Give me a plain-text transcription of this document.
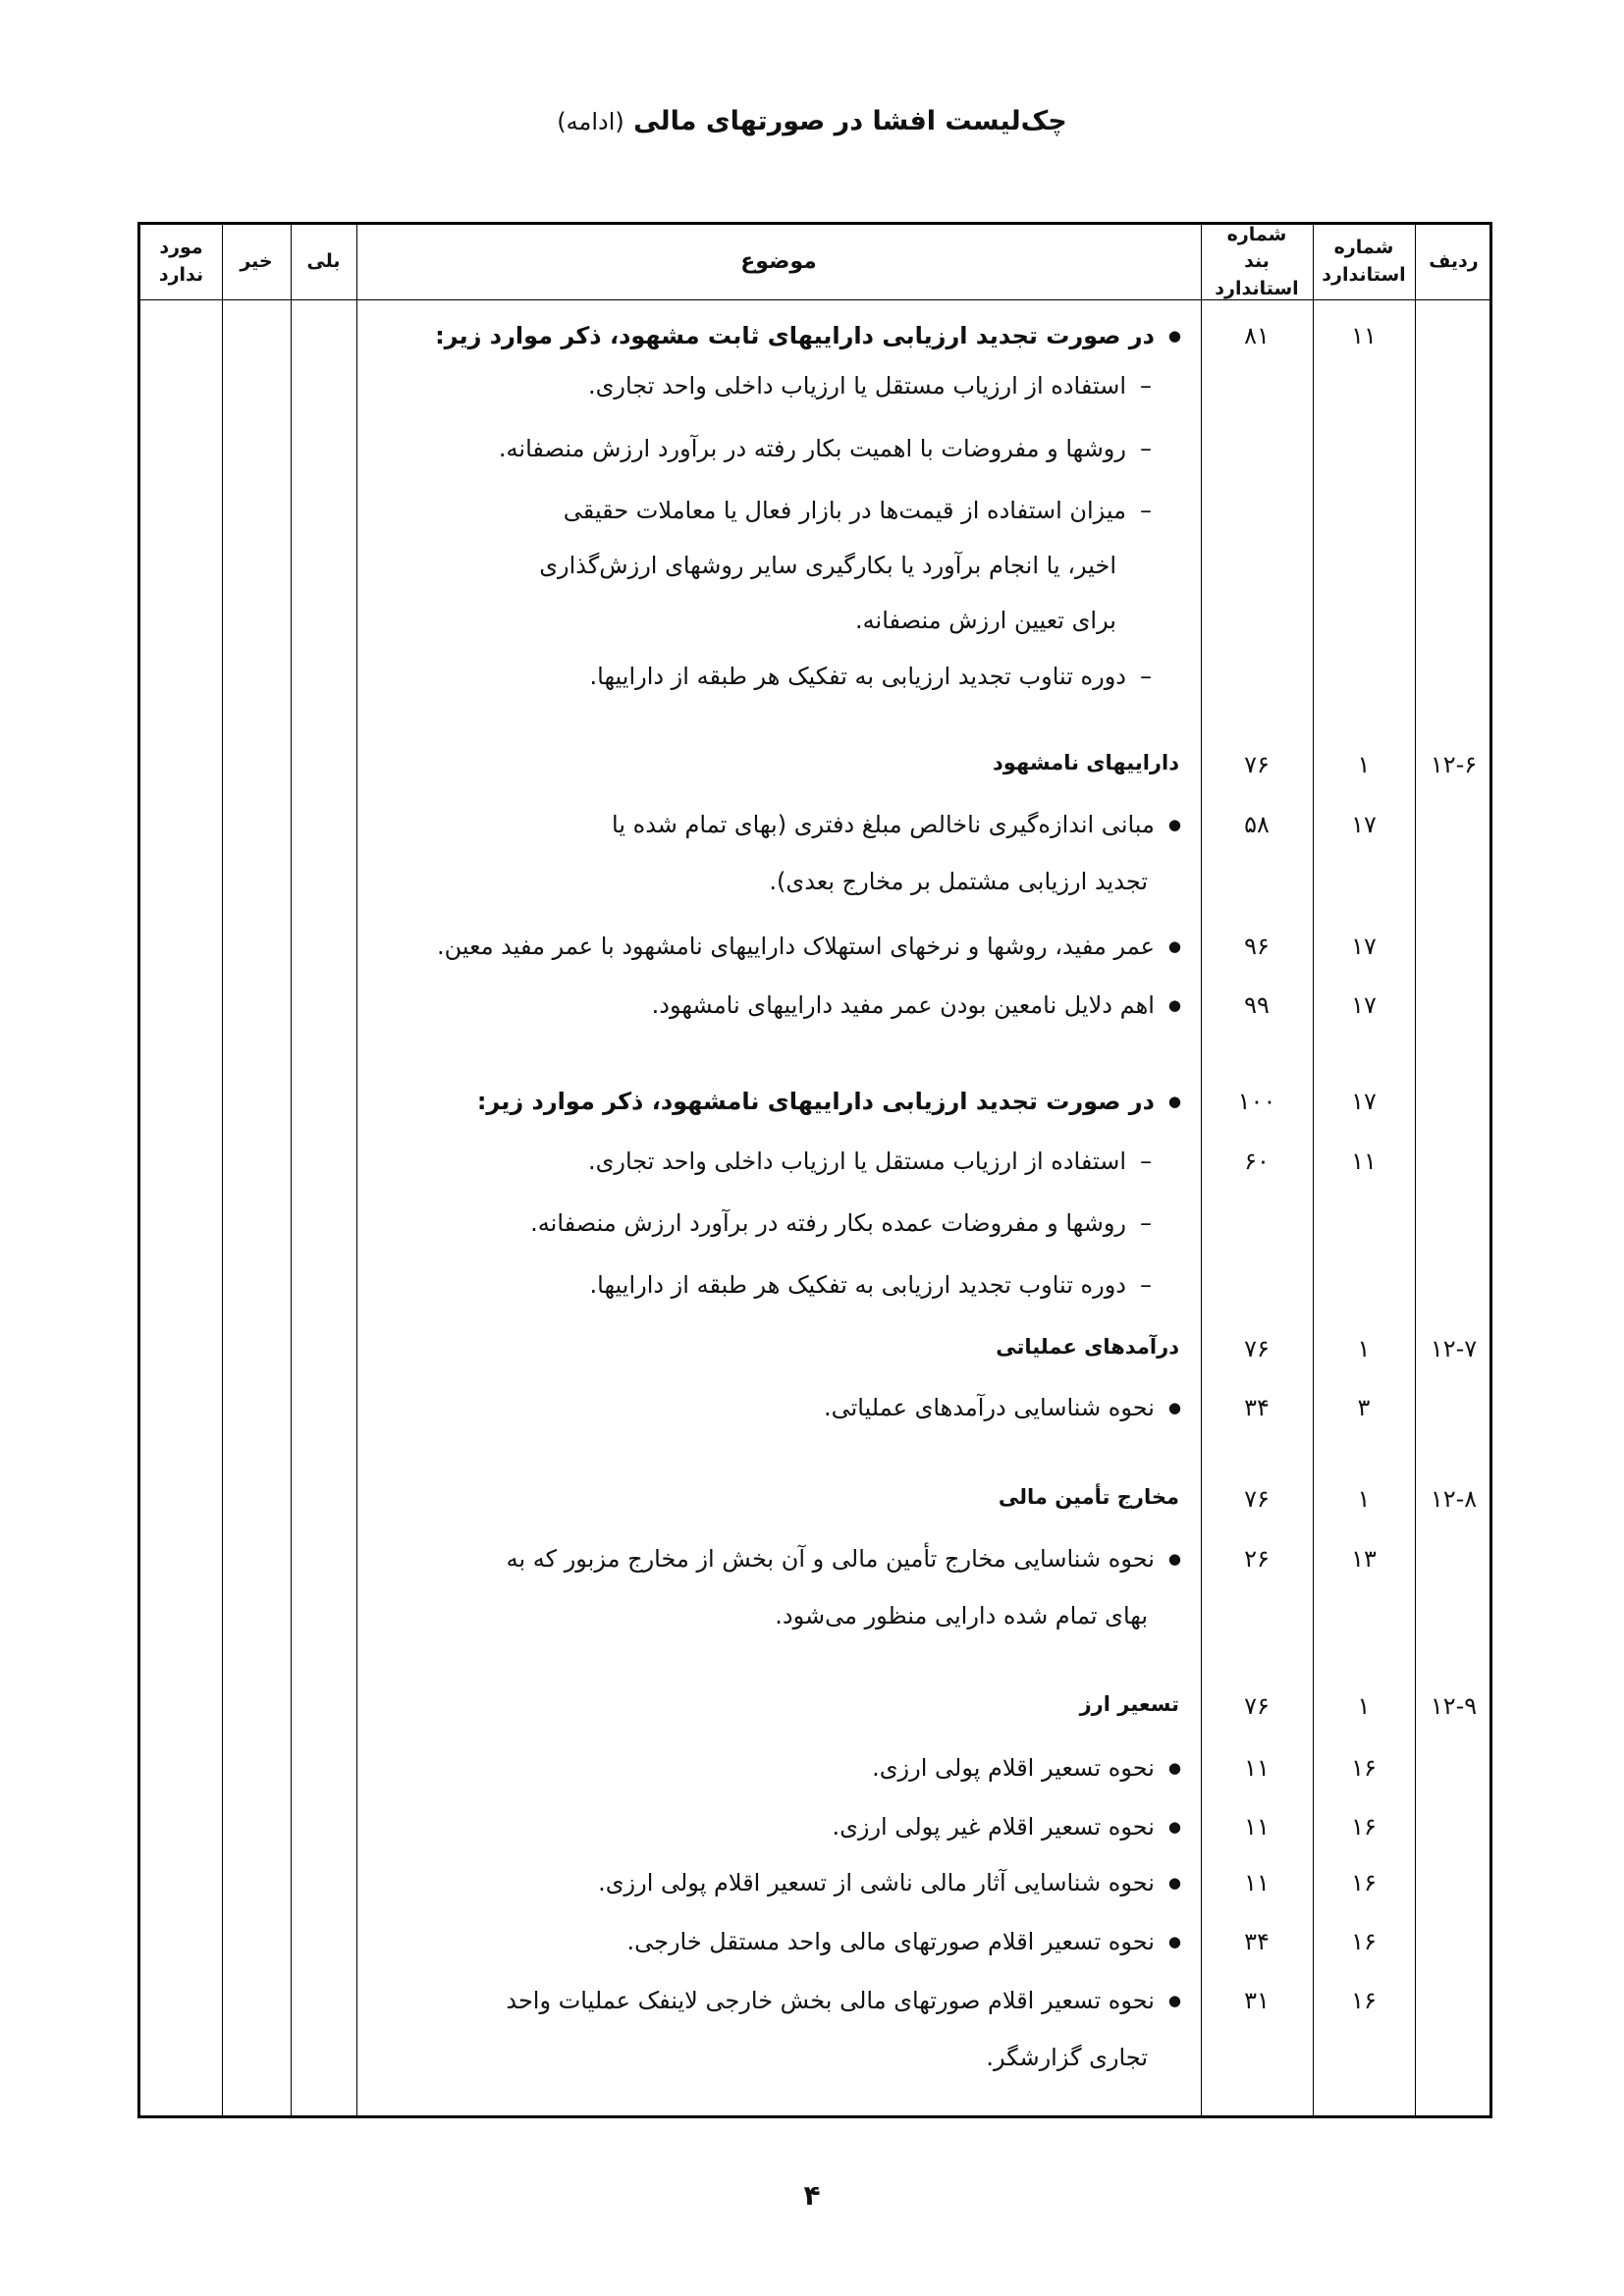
چک‌لیست افشا در صورتهای مالی (ادامه)
ردیف
شماره استاندارد
شماره بند استاندارد
موضوع
بلی
خیر
مورد ندارد
۱۱
۸۱
● در صورت تجدید ارزیابی داراییهای ثابت مشهود، ذکر موارد زیر:
– استفاده از ارزیاب مستقل یا ارزیاب داخلی واحد تجاری.
– روشها و مفروضات با اهمیت بکار رفته در برآورد ارزش منصفانه.
– میزان استفاده از قیمت‌ها در بازار فعال یا معاملات حقیقی
اخیر، یا انجام برآورد یا بکارگیری سایر روشهای ارزش‌گذاری
برای تعیین ارزش منصفانه.
– دوره تناوب تجدید ارزیابی به تفکیک هر طبقه از داراییها.
۱۲-۶
۱
۷۶
داراییهای نامشهود
۱۷
۵۸
● مبانی اندازه‌گیری ناخالص مبلغ دفتری (بهای تمام شده یا
تجدید ارزیابی مشتمل بر مخارج بعدی).
۱۷
۹۶
● عمر مفید، روشها و نرخهای استهلاک داراییهای نامشهود با عمر مفید معین.
۱۷
۹۹
● اهم دلایل نامعین بودن عمر مفید داراییهای نامشهود.
۱۷
۱۰۰
● در صورت تجدید ارزیابی داراییهای نامشهود، ذکر موارد زیر:
۱۱
۶۰
– استفاده از ارزیاب مستقل یا ارزیاب داخلی واحد تجاری.
– روشها و مفروضات عمده بکار رفته در برآورد ارزش منصفانه.
– دوره تناوب تجدید ارزیابی به تفکیک هر طبقه از داراییها.
۱۲-۷
۱
۷۶
درآمدهای عملیاتی
۳
۳۴
● نحوه شناسایی درآمدهای عملیاتی.
۱۲-۸
۱
۷۶
مخارج تأمین مالی
۱۳
۲۶
● نحوه شناسایی مخارج تأمین مالی و آن بخش از مخارج مزبور که به
بهای تمام شده دارایی منظور می‌شود.
۱۲-۹
۱
۷۶
تسعیر ارز
۱۶
۱۱
● نحوه تسعیر اقلام پولی ارزی.
۱۶
۱۱
● نحوه تسعیر اقلام غیر پولی ارزی.
۱۶
۱۱
● نحوه شناسایی آثار مالی ناشی از تسعیر اقلام پولی ارزی.
۱۶
۳۴
● نحوه تسعیر اقلام صورتهای مالی واحد مستقل خارجی.
۱۶
۳۱
● نحوه تسعیر اقلام صورتهای مالی بخش خارجی لاینفک عملیات واحد
تجاری گزارشگر.
۴
